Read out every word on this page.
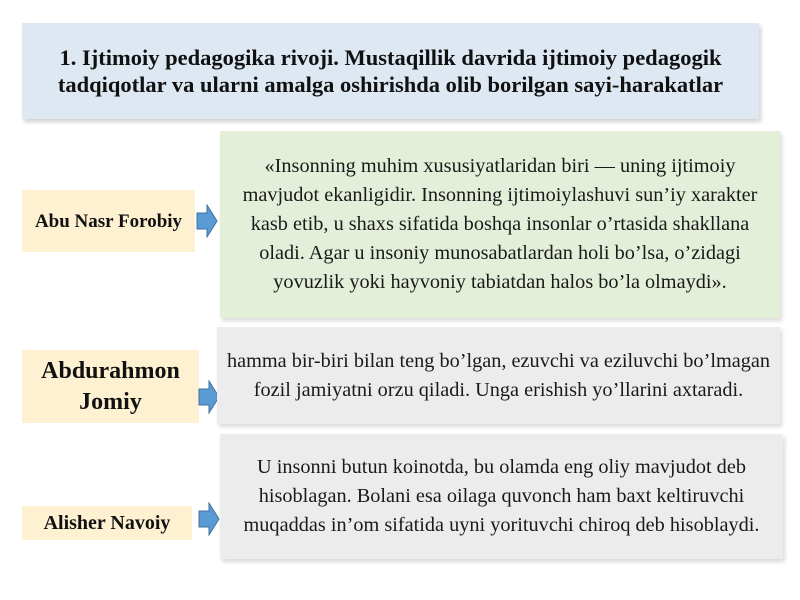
1. Ijtimoiy pedagogika rivoji. Mustaqillik davrida ijtimoiy pedagogik tadqiqotlar va ularni amalga oshirishda olib borilgan sayi-harakatlar
Abu Nasr Forobiy

«Insonning muhim xususiyatlaridan biri — uning ijtimoiy mavjudot ekanligidir. Insonning ijtimoiylashuvi sun’iy xarakter kasb etib, u shaxs sifatida boshqa insonlar o’rtasida shakllana oladi. Agar u insoniy munosabatlardan holi bo’lsa, o’zidagi yovuzlik yoki hayvoniy tabiatdan halos bo’la olmaydi».

Abdurahmon Jomiy

hamma bir-biri bilan teng bo’lgan, ezuvchi va eziluvchi bo’lmagan fozil jamiyatni orzu qiladi. Unga erishish yo’llarini axtaradi.

Alisher Navoiy

U insonni butun koinotda, bu olamda eng oliy mavjudot deb hisoblagan. Bolani esa oilaga quvonch ham baxt keltiruvchi muqaddas in’om sifatida uyni yorituvchi chiroq deb hisoblaydi.
